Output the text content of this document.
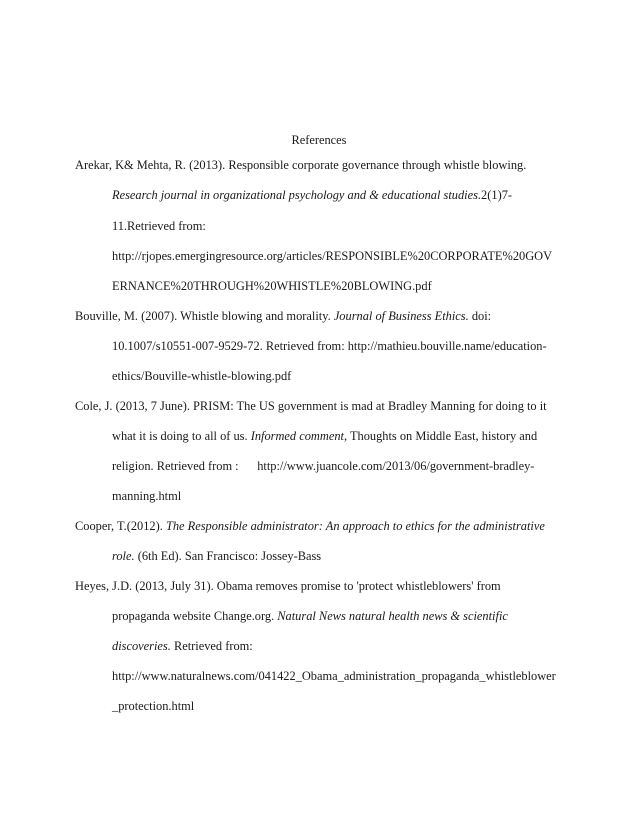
References
Arekar, K& Mehta, R. (2013). Responsible corporate governance through whistle blowing.
Research journal in organizational psychology and & educational studies.2(1)7-
11.Retrieved from:
http://rjopes.emergingresource.org/articles/RESPONSIBLE%20CORPORATE%20GOV
ERNANCE%20THROUGH%20WHISTLE%20BLOWING.pdf
Bouville, M. (2007). Whistle blowing and morality. Journal of Business Ethics. doi:
10.1007/s10551-007-9529-72. Retrieved from: http://mathieu.bouville.name/education-
ethics/Bouville-whistle-blowing.pdf
Cole, J. (2013, 7 June). PRISM: The US government is mad at Bradley Manning for doing to it
what it is doing to all of us. Informed comment, Thoughts on Middle East, history and
religion. Retrieved from :      http://www.juancole.com/2013/06/government-bradley-
manning.html
Cooper, T.(2012). The Responsible administrator: An approach to ethics for the administrative
role. (6th Ed). San Francisco: Jossey-Bass
Heyes, J.D. (2013, July 31). Obama removes promise to 'protect whistleblowers' from
propaganda website Change.org. Natural News natural health news & scientific
discoveries. Retrieved from:
http://www.naturalnews.com/041422_Obama_administration_propaganda_whistleblower
_protection.html
